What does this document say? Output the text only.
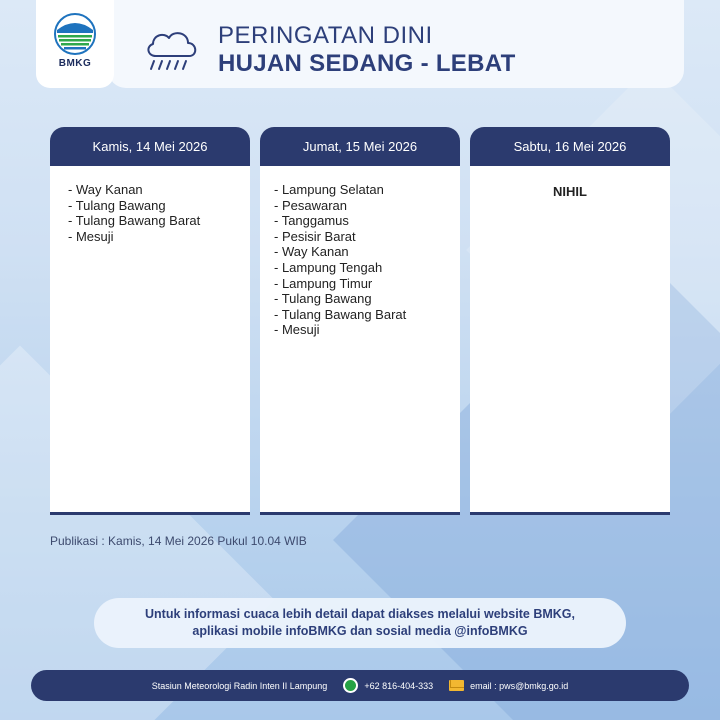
BMKG
PERINGATAN DINI
HUJAN SEDANG - LEBAT
Kamis, 14 Mei 2026
- Way Kanan
- Tulang Bawang
- Tulang Bawang Barat
- Mesuji
Jumat, 15 Mei 2026
- Lampung Selatan
- Pesawaran
- Tanggamus
- Pesisir Barat
- Way Kanan
- Lampung Tengah
- Lampung Timur
- Tulang Bawang
- Tulang Bawang Barat
- Mesuji
Sabtu, 16 Mei 2026
NIHIL
Publikasi : Kamis, 14 Mei 2026 Pukul 10.04 WIB
Untuk informasi cuaca lebih detail dapat diakses melalui website BMKG,
aplikasi mobile infoBMKG dan sosial media @infoBMKG
Stasiun Meteorologi Radin Inten II Lampung	+62 816-404-333	email : pws@bmkg.go.id
